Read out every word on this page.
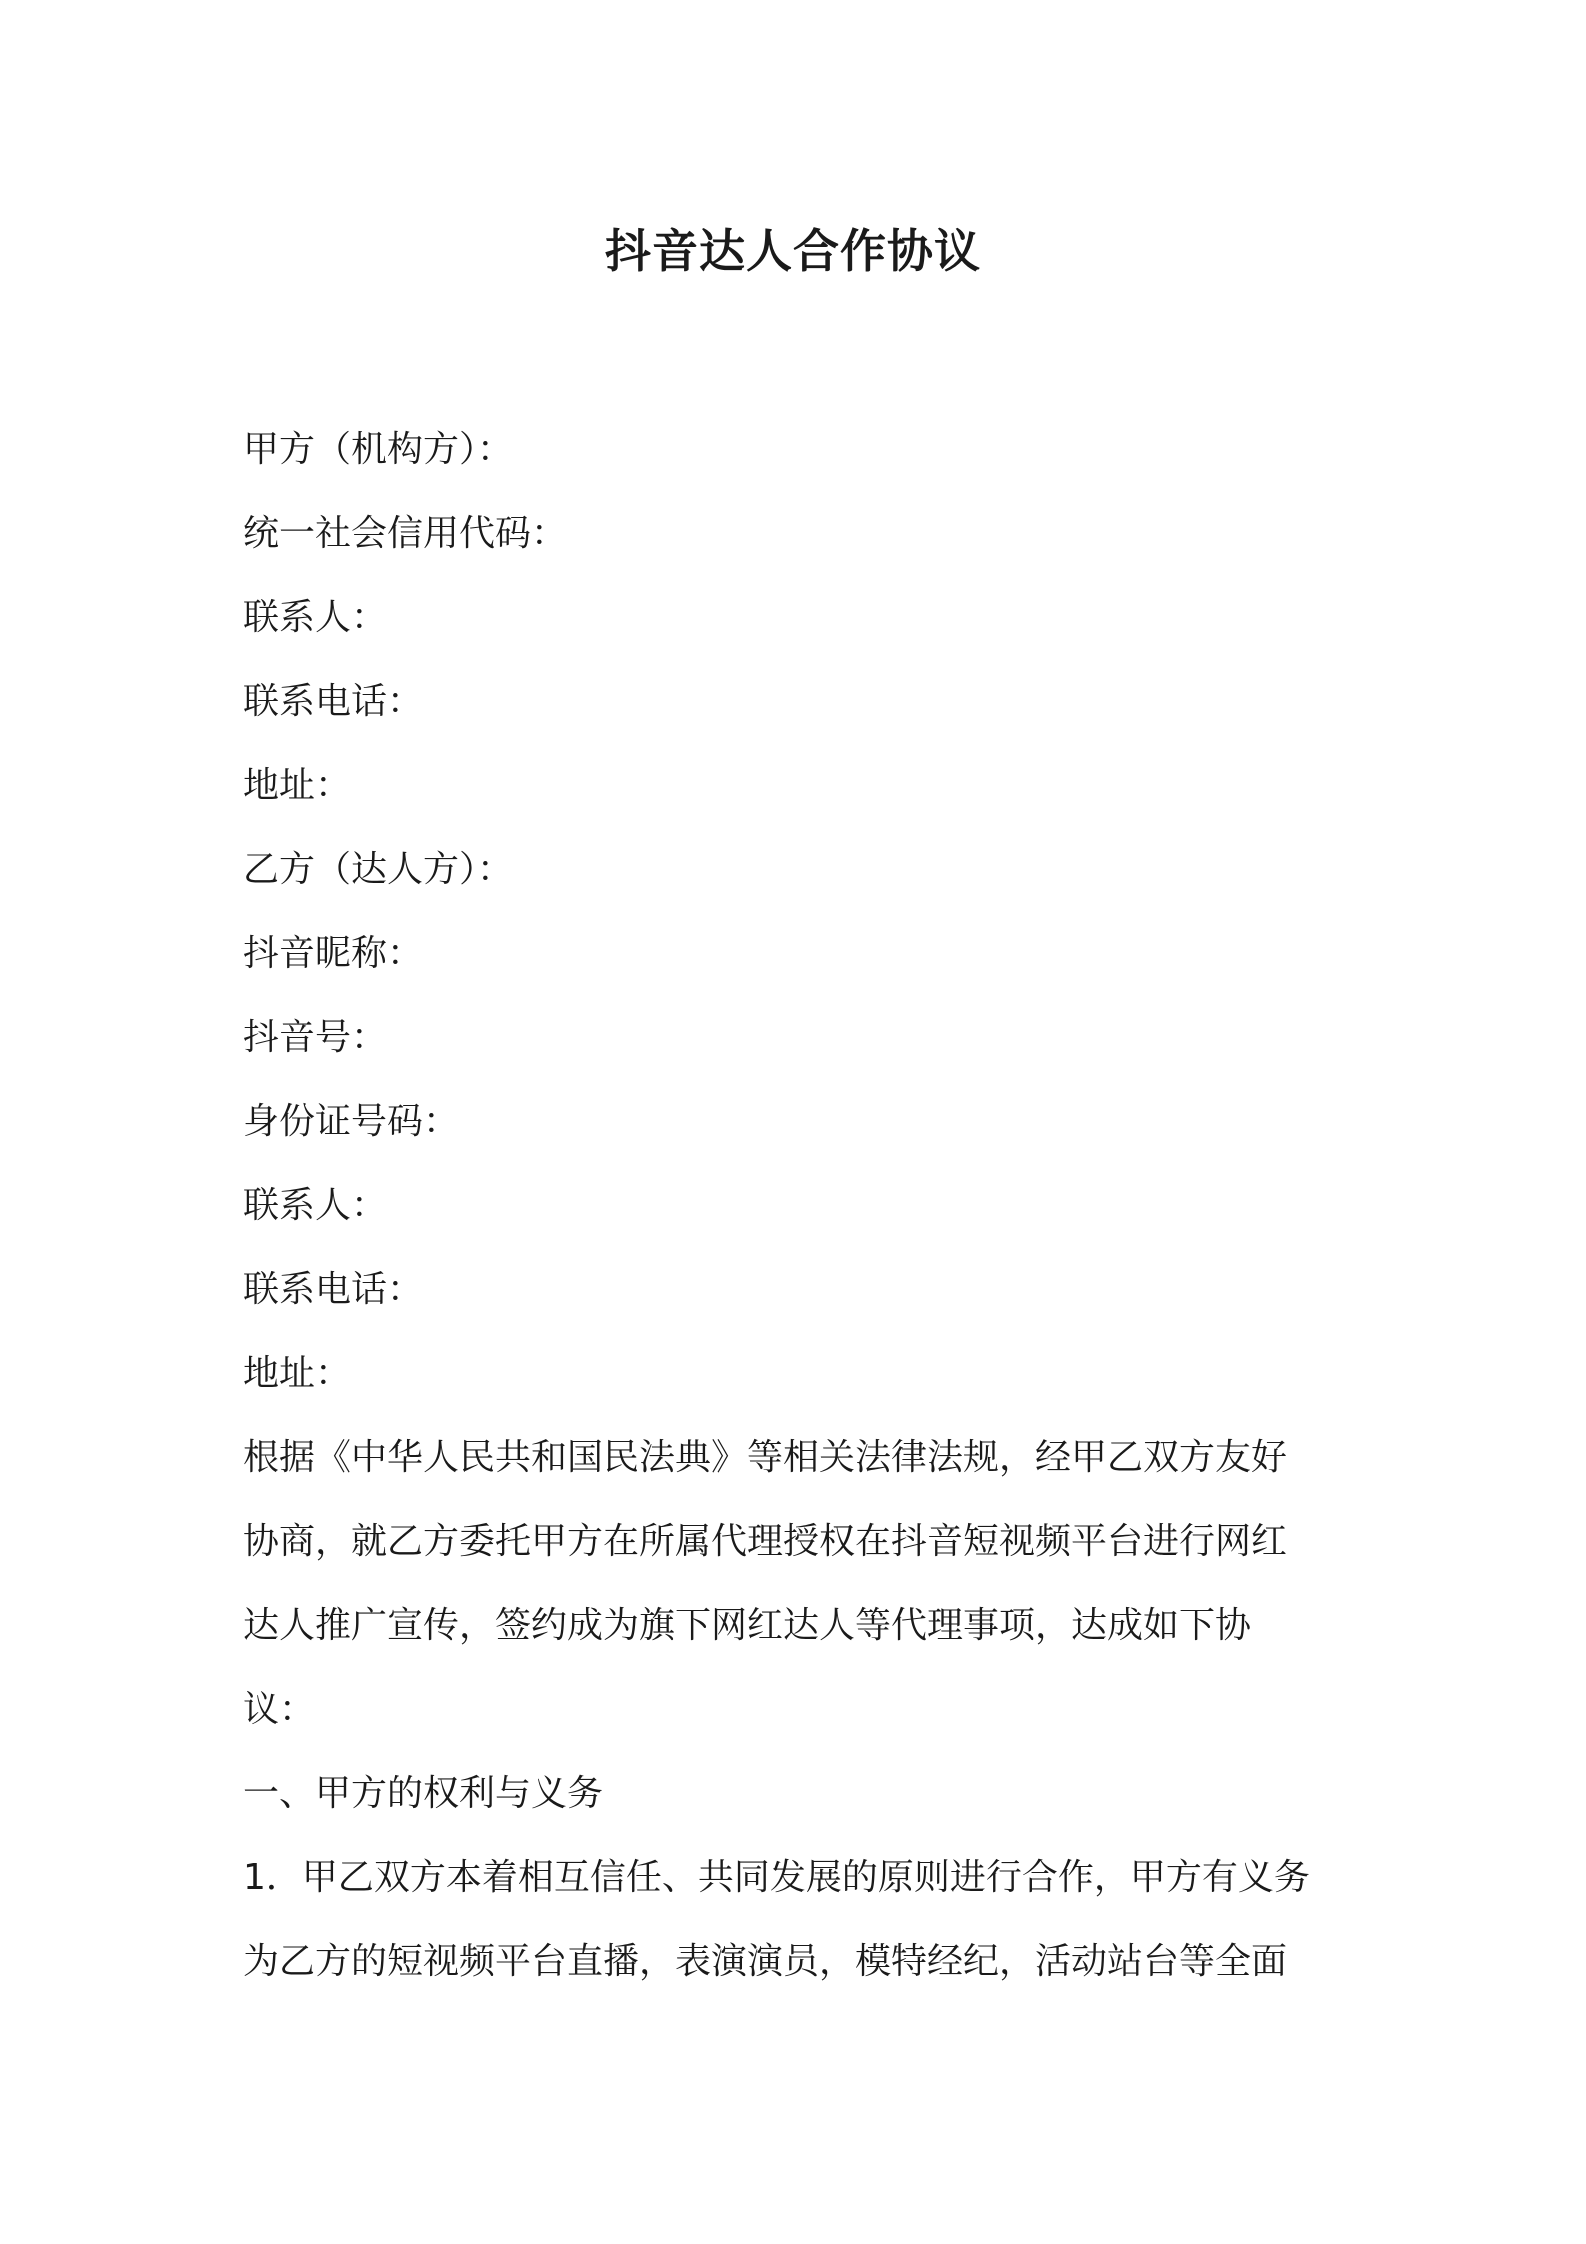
抖音达人合作协议
甲方（机构方）：
统一社会信用代码：
联系人：
联系电话：
地址：
乙方（达人方）：
抖音昵称：
抖音号：
身份证号码：
联系人：
联系电话：
地址：
根据《中华人民共和国民法典》等相关法律法规，经甲乙双方友好
协商，就乙方委托甲方在所属代理授权在抖音短视频平台进行网红
达人推广宣传，签约成为旗下网红达人等代理事项，达成如下协
议：
一、甲方的权利与义务
1．甲乙双方本着相互信任、共同发展的原则进行合作，甲方有义务
为乙方的短视频平台直播，表演演员，模特经纪，活动站台等全面
